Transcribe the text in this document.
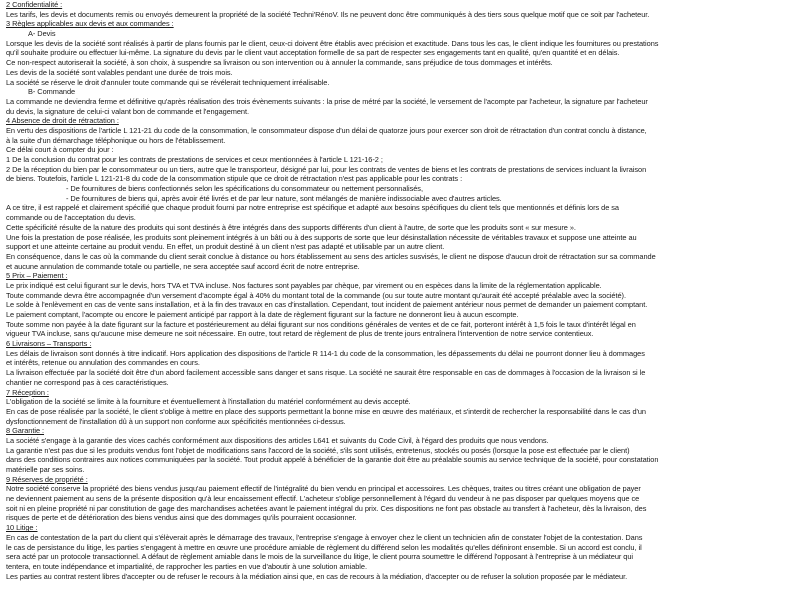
2 Confidentialité :
Les tarifs, les devis et documents remis ou envoyés demeurent la propriété de la société Techni'RénoV. Ils ne peuvent donc être communiqués à des tiers sous quelque motif que ce soit par l'acheteur.
3 Règles applicables aux devis et aux commandes :
A- Devis
Lorsque les devis de la société sont réalisés à partir de plans fournis par le client, ceux-ci doivent être établis avec précision et exactitude. Dans tous les cas, le client indique les fournitures ou prestations
qu'il souhaite produire ou effectuer lui-même. La signature du devis par le client vaut acceptation formelle de sa part de respecter ses engagements tant en qualité, qu'en quantité et en délais.
Ce non-respect autoriserait la société, à son choix, à suspendre sa livraison ou son intervention ou à annuler la commande, sans préjudice de tous dommages et intérêts.
Les devis de la société sont valables pendant une durée de trois mois.
La société se réserve le droit d'annuler toute commande qui se révélerait techniquement irréalisable.
B- Commande
La commande ne deviendra ferme et définitive qu'après réalisation des trois évènements suivants : la prise de métré par la société, le versement de l'acompte par l'acheteur, la signature par l'acheteur
du devis, la signature de celui-ci valant bon de commande et l'engagement.
4 Absence de droit de rétractation :
En vertu des dispositions de l'article L 121-21 du code de la consommation, le consommateur dispose d'un délai de quatorze jours pour exercer son droit de rétractation d'un contrat conclu à distance,
à la suite d'un démarchage téléphonique ou hors de l'établissement.
Ce délai court à compter du jour :
1 De la conclusion du contrat pour les contrats de prestations de services et ceux mentionnées à l'article L 121-16-2 ;
2 De la réception du bien par le consommateur ou un tiers, autre que le transporteur, désigné par lui, pour les contrats de ventes de biens et les contrats de prestations de services incluant la livraison
de biens. Toutefois, l'article L 121-21-8 du code de la consommation stipule que ce droit de rétractation n'est pas applicable pour les contrats :
- De fournitures de biens confectionnés selon les spécifications du consommateur ou nettement personnalisés,
- De fournitures de biens qui, après avoir été livrés et de par leur nature, sont mélangés de manière indissociable avec d'autres articles.
A ce titre, il est rappelé et clairement spécifié que chaque produit fourni par notre entreprise est spécifique et adapté aux besoins spécifiques du client tels que mentionnés et définis lors de sa
commande ou de l'acceptation du devis.
Cette spécificité résulte de la nature des produits qui sont destinés à être intégrés dans des supports différents d'un client à l'autre, de sorte que les produits sont « sur mesure ».
Une fois la prestation de pose réalisée, les produits sont pleinement intégrés à un bâti ou à des supports de sorte que leur désinstallation nécessite de véritables travaux et suppose une atteinte au
support et une atteinte certaine au produit vendu. En effet, un produit destiné à un client n'est pas adapté et utilisable par un autre client.
En conséquence, dans le cas où la commande du client serait conclue à distance ou hors établissement au sens des articles susvisés, le client ne dispose d'aucun droit de rétractation sur sa commande
et aucune annulation de commande totale ou partielle, ne sera acceptée sauf accord écrit de notre entreprise.
5 Prix – Paiement :
Le prix indiqué est celui figurant sur le devis, hors TVA et TVA incluse. Nos factures sont payables par chèque, par virement ou en espèces dans la limite de la réglementation applicable.
Toute commande devra être accompagnée d'un versement d'acompte égal à 40% du montant total de la commande (ou sur toute autre montant qu'aurait été accepté préalable avec la société).
Le solde à l'enlèvement en cas de vente sans installation, et à la fin des travaux en cas d'installation. Cependant, tout incident de paiement antérieur nous permet de demander un paiement comptant.
Le paiement comptant, l'acompte ou encore le paiement anticipé par rapport à la date de règlement figurant sur la facture ne donneront lieu à aucun escompte.
Toute somme non payée à la date figurant sur la facture et postérieurement au délai figurant sur nos conditions générales de ventes et de ce fait, porteront intérêt à 1,5 fois le taux d'intérêt légal en
vigueur TVA incluse, sans qu'aucune mise demeure ne soit nécessaire. En outre, tout retard de règlement de plus de trente jours entraînera l'intervention de notre service contentieux.
6 Livraisons – Transports :
Les délais de livraison sont donnés à titre indicatif. Hors application des dispositions de l'article R 114-1 du code de la consommation, les dépassements du délai ne pourront donner lieu à dommages
et intérêts, retenue ou annulation des commandes en cours.
La livraison effectuée par la société doit être d'un abord facilement accessible sans danger et sans risque. La société ne saurait être responsable en cas de dommages à l'occasion de la livraison si le
chantier ne correspond pas à ces caractéristiques.
7 Réception :
L'obligation de la société se limite à la fourniture et éventuellement à l'installation du matériel conformément au devis accepté.
En cas de pose réalisée par la société, le client s'oblige à mettre en place des supports permettant la bonne mise en œuvre des matériaux, et s'interdit de rechercher la responsabilité dans le cas d'un
dysfonctionnement de l'installation dû à un support non conforme aux spécificités mentionnées ci-dessus.
8 Garantie :
La société s'engage à la garantie des vices cachés conformément aux dispositions des articles L641 et suivants du Code Civil, à l'égard des produits que nous vendons.
La garantie n'est pas due si les produits vendus font l'objet de modifications sans l'accord de la société, s'ils sont utilisés, entretenus, stockés ou posés (lorsque la pose est effectuée par le client)
dans des conditions contraires aux notices communiquées par la société. Tout produit appelé à bénéficier de la garantie doit être au préalable soumis au service technique de la société, pour constatation
matérielle par ses soins.
9 Réserves de propriété :
Notre société conserve la propriété des biens vendus jusqu'au paiement effectif de l'intégralité du bien vendu en principal et accessoires. Les chèques, traites ou titres créant une obligation de payer
ne deviennent paiement au sens de la présente disposition qu'à leur encaissement effectif. L'acheteur s'oblige personnellement à l'égard du vendeur à ne pas disposer par quelques moyens que ce
soit ni en pleine propriété ni par constitution de gage des marchandises achetées avant le paiement intégral du prix. Ces dispositions ne font pas obstacle au transfert à l'acheteur, dès la livraison, des
risques de perte et de détérioration des biens vendus ainsi que des dommages qu'ils pourraient occasionner.
10 Litige :
En cas de contestation de la part du client qui s'élèverait après le démarrage des travaux, l'entreprise s'engage à envoyer chez le client un technicien afin de constater l'objet de la contestation. Dans
le cas de persistance du litige, les parties s'engagent à mettre en œuvre une procédure amiable de règlement du différend selon les modalités qu'elles définiront ensemble. Si un accord est conclu, il
sera acté par un protocole transactionnel. A défaut de règlement amiable dans le mois de la surveillance du litige, le client pourra soumettre le différend l'opposant à l'entreprise à un médiateur qui
tentera, en toute indépendance et impartialité, de rapprocher les parties en vue d'aboutir à une solution amiable.
Les parties au contrat restent libres d'accepter ou de refuser le recours à la médiation ainsi que, en cas de recours à la médiation, d'accepter ou de refuser la solution proposée par le médiateur.
